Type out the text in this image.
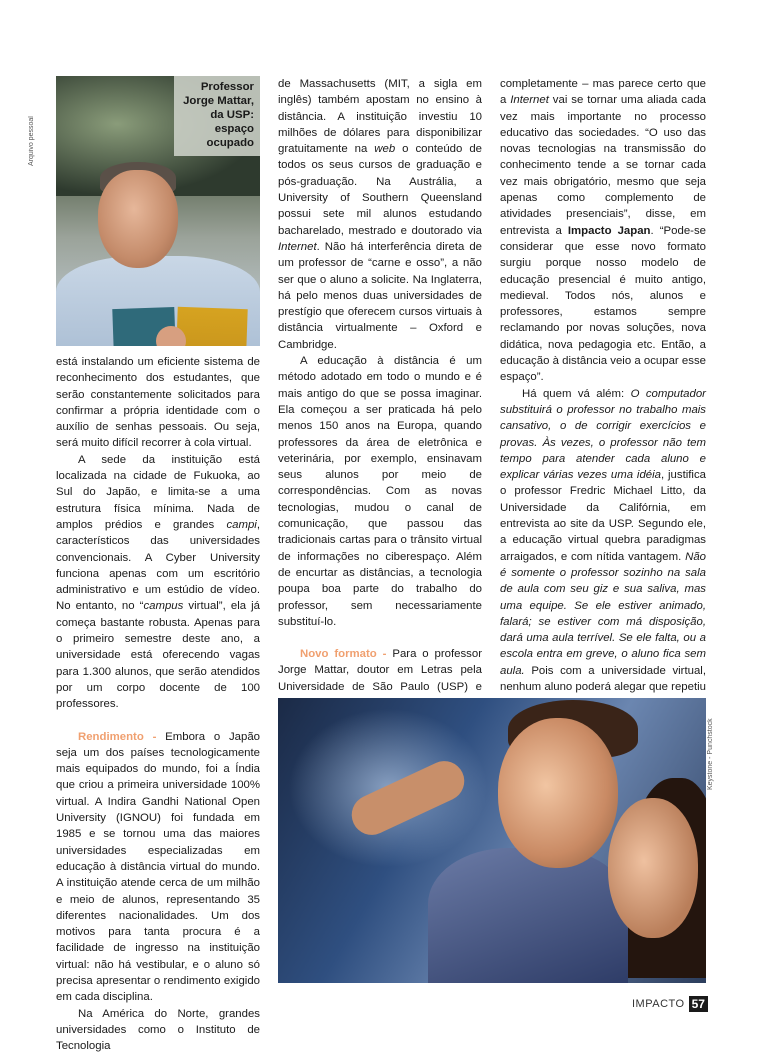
Professor
Jorge Mattar,
da USP:
espaço
ocupado
Arquivo pessoal

está instalando um eficiente sistema de reconhecimento dos estudantes, que serão constantemente solicitados para confirmar a própria identidade com o auxílio de senhas pessoais. Ou seja, será muito difícil recorrer à cola virtual.

A sede da instituição está localizada na cidade de Fukuoka, ao Sul do Japão, e limita-se a uma estrutura física mínima. Nada de amplos prédios e grandes campi, característicos das universidades convencionais. A Cyber University funciona apenas com um escritório administrativo e um estúdio de vídeo. No entanto, no “campus virtual”, ela já começa bastante robusta. Apenas para o primeiro semestre deste ano, a universidade está oferecendo vagas para 1.300 alunos, que serão atendidos por um corpo docente de 100 professores.

Rendimento - Embora o Japão seja um dos países tecnologicamente mais equipados do mundo, foi a Índia que criou a primeira universidade 100% virtual. A Indira Gandhi National Open University (IGNOU) foi fundada em 1985 e se tornou uma das maiores universidades especializadas em educação à distância virtual do mundo. A instituição atende cerca de um milhão e meio de alunos, representando 35 diferentes nacionalidades. Um dos motivos para tanta procura é a facilidade de ingresso na instituição virtual: não há vestibular, e o aluno só precisa apresentar o rendimento exigido em cada disciplina.

Na América do Norte, grandes universidades como o Instituto de Tecnologia

de Massachusetts (MIT, a sigla em inglês) também apostam no ensino à distância. A instituição investiu 10 milhões de dólares para disponibilizar gratuitamente na web o conteúdo de todos os seus cursos de graduação e pós-graduação. Na Austrália, a University of Southern Queensland possui sete mil alunos estudando bacharelado, mestrado e doutorado via Internet. Não há interferência direta de um professor de “carne e osso”, a não ser que o aluno a solicite. Na Inglaterra, há pelo menos duas universidades de prestígio que oferecem cursos virtuais à distância virtualmente – Oxford e Cambridge.

A educação à distância é um método adotado em todo o mundo e é mais antigo do que se possa imaginar. Ela começou a ser praticada há pelo menos 150 anos na Europa, quando professores da área de eletrônica e veterinária, por exemplo, ensinavam seus alunos por meio de correspondências. Com as novas tecnologias, mudou o canal de comunicação, que passou das tradicionais cartas para o trânsito virtual de informações no ciberespaço. Além de encurtar as distâncias, a tecnologia poupa boa parte do trabalho do professor, sem necessariamente substituí-lo.

Novo formato - Para o professor Jorge Mattar, doutor em Letras pela Universidade de São Paulo (USP) e

completamente – mas parece certo que a Internet vai se tornar uma aliada cada vez mais importante no processo educativo das sociedades. “O uso das novas tecnologias na transmissão do conhecimento tende a se tornar cada vez mais obrigatório, mesmo que seja apenas como complemento de atividades presenciais”, disse, em entrevista a Impacto Japan. “Pode-se considerar que esse novo formato surgiu porque nosso modelo de educação presencial é muito antigo, medieval. Todos nós, alunos e professores, estamos sempre reclamando por novas soluções, nova didática, nova pedagogia etc. Então, a educação à distância veio a ocupar esse espaço”.

Há quem vá além: O computador substituirá o professor no trabalho mais cansativo, o de corrigir exercícios e provas. Às vezes, o professor não tem tempo para atender cada aluno e explicar várias vezes uma idéia, justifica o professor Fredric Michael Litto, da Universidade da Califórnia, em entrevista ao site da USP. Segundo ele, a educação virtual quebra paradigmas arraigados, e com nítida vantagem. Não é somente o professor sozinho na sala de aula com seu giz e sua saliva, mas uma equipe. Se ele estiver animado, falará; se estiver com má disposição, dará uma aula terrível. Se ele falta, ou a escola entra em greve, o aluno fica sem aula. Pois com a universidade virtual, nenhum aluno poderá alegar que repetiu

Keystone - Punchstock
IMPACTO 57
